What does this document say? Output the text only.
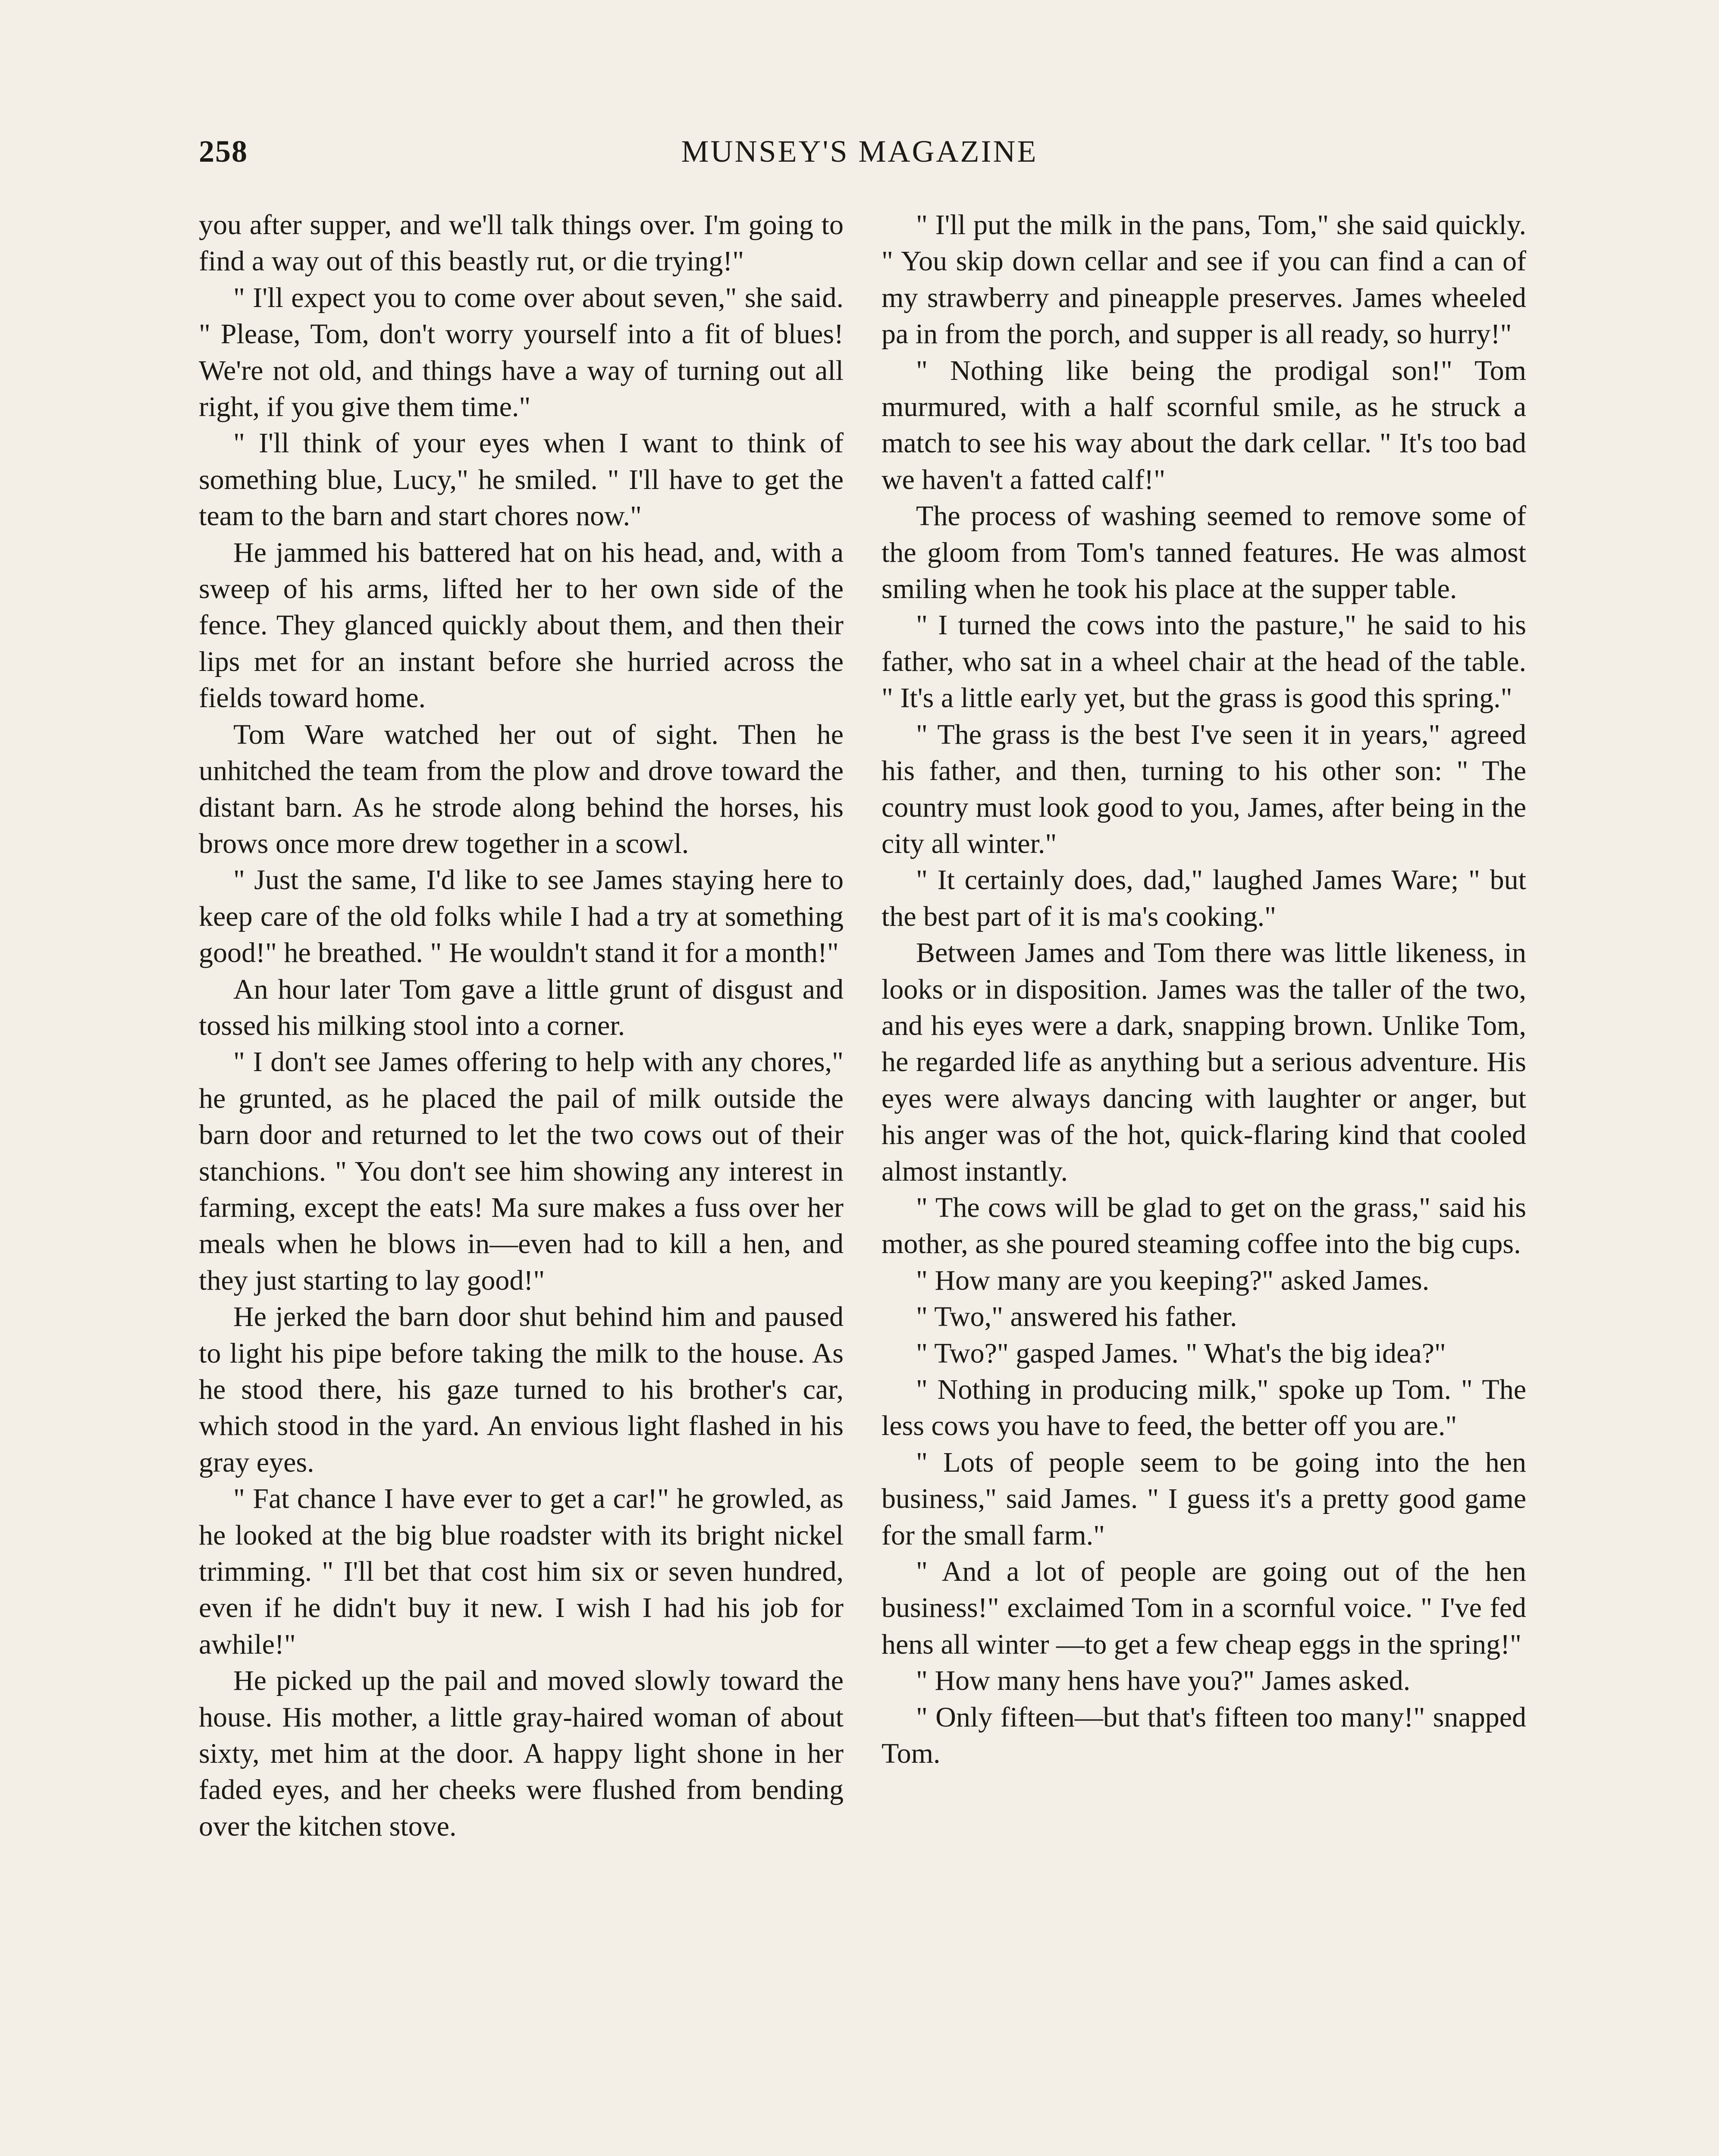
258	MUNSEY'S MAGAZINE

you after supper, and we'll talk things over. I'm going to find a way out of this beastly rut, or die trying!"

" I'll expect you to come over about seven," she said. " Please, Tom, don't worry yourself into a fit of blues! We're not old, and things have a way of turning out all right, if you give them time."

" I'll think of your eyes when I want to think of something blue, Lucy," he smiled. " I'll have to get the team to the barn and start chores now."

He jammed his battered hat on his head, and, with a sweep of his arms, lifted her to her own side of the fence. They glanced quickly about them, and then their lips met for an instant before she hurried across the fields toward home.

Tom Ware watched her out of sight. Then he unhitched the team from the plow and drove toward the distant barn. As he strode along behind the horses, his brows once more drew together in a scowl.

" Just the same, I'd like to see James staying here to keep care of the old folks while I had a try at something good!" he breathed. " He wouldn't stand it for a month!"

An hour later Tom gave a little grunt of disgust and tossed his milking stool into a corner.

" I don't see James offering to help with any chores," he grunted, as he placed the pail of milk outside the barn door and returned to let the two cows out of their stanchions. " You don't see him showing any interest in farming, except the eats! Ma sure makes a fuss over her meals when he blows in—even had to kill a hen, and they just starting to lay good!"

He jerked the barn door shut behind him and paused to light his pipe before taking the milk to the house. As he stood there, his gaze turned to his brother's car, which stood in the yard. An envious light flashed in his gray eyes.

" Fat chance I have ever to get a car!" he growled, as he looked at the big blue roadster with its bright nickel trimming. " I'll bet that cost him six or seven hundred, even if he didn't buy it new. I wish I had his job for awhile!"

He picked up the pail and moved slowly toward the house. His mother, a little gray-haired woman of about sixty, met him at the door. A happy light shone in her faded eyes, and her cheeks were flushed from bending over the kitchen stove.

" I'll put the milk in the pans, Tom," she said quickly. " You skip down cellar and see if you can find a can of my strawberry and pineapple preserves. James wheeled pa in from the porch, and supper is all ready, so hurry!"

" Nothing like being the prodigal son!" Tom murmured, with a half scornful smile, as he struck a match to see his way about the dark cellar. " It's too bad we haven't a fatted calf!"

The process of washing seemed to remove some of the gloom from Tom's tanned features. He was almost smiling when he took his place at the supper table.

" I turned the cows into the pasture," he said to his father, who sat in a wheel chair at the head of the table. " It's a little early yet, but the grass is good this spring."

" The grass is the best I've seen it in years," agreed his father, and then, turning to his other son: " The country must look good to you, James, after being in the city all winter."

" It certainly does, dad," laughed James Ware; " but the best part of it is ma's cooking."

Between James and Tom there was little likeness, in looks or in disposition. James was the taller of the two, and his eyes were a dark, snapping brown. Unlike Tom, he regarded life as anything but a serious adventure. His eyes were always dancing with laughter or anger, but his anger was of the hot, quick-flaring kind that cooled almost instantly.

" The cows will be glad to get on the grass," said his mother, as she poured steaming coffee into the big cups.

" How many are you keeping?" asked James.

" Two," answered his father.

" Two?" gasped James. " What's the big idea?"

" Nothing in producing milk," spoke up Tom. " The less cows you have to feed, the better off you are."

" Lots of people seem to be going into the hen business," said James. " I guess it's a pretty good game for the small farm."

" And a lot of people are going out of the hen business!" exclaimed Tom in a scornful voice. " I've fed hens all winter —to get a few cheap eggs in the spring!"

" How many hens have you?" James asked.

" Only fifteen—but that's fifteen too many!" snapped Tom.
